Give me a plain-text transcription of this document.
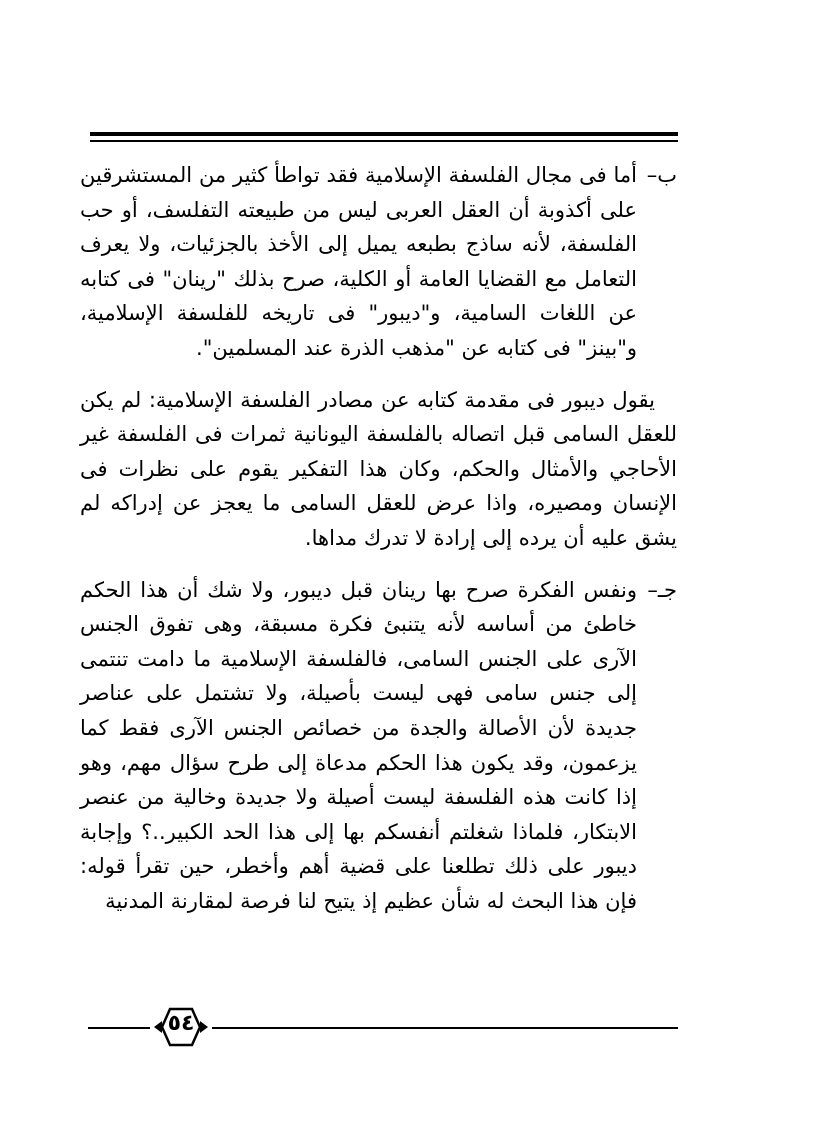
ب–
أما فى مجال الفلسفة الإسلامية فقد تواطأ كثير من المستشرقين على أكذوبة أن العقل العربى ليس من طبيعته التفلسف، أو حب الفلسفة، لأنه ساذج بطبعه يميل إلى الأخذ بالجزئيات، ولا يعرف التعامل مع القضايا العامة أو الكلية، صرح بذلك "رينان" فى كتابه عن اللغات السامية، و"ديبور" فى تاريخه للفلسفة الإسلامية، و"بينز" فى كتابه عن "مذهب الذرة عند المسلمين".

يقول ديبور فى مقدمة كتابه عن مصادر الفلسفة الإسلامية: لم يكن للعقل السامى قبل اتصاله بالفلسفة اليونانية ثمرات فى الفلسفة غير الأحاجي والأمثال والحكم، وكان هذا التفكير يقوم على نظرات فى الإنسان ومصيره، واذا عرض للعقل السامى ما يعجز عن إدراكه لم يشق عليه أن يرده إلى إرادة لا تدرك مداها.

جـ–
ونفس الفكرة صرح بها رينان قبل ديبور، ولا شك أن هذا الحكم خاطئ من أساسه لأنه يتنبئ فكرة مسبقة، وهى تفوق الجنس الآرى على الجنس السامى، فالفلسفة الإسلامية ما دامت تنتمى إلى جنس سامى فهى ليست بأصيلة، ولا تشتمل على عناصر جديدة لأن الأصالة والجدة من خصائص الجنس الآرى فقط كما يزعمون، وقد يكون هذا الحكم مدعاة إلى طرح سؤال مهم، وهو إذا كانت هذه الفلسفة ليست أصيلة ولا جديدة وخالية من عنصر الابتكار، فلماذا شغلتم أنفسكم بها إلى هذا الحد الكبير..؟ وإجابة ديبور على ذلك تطلعنا على قضية أهم وأخطر، حين تقرأ قوله: فإن هذا البحث له شأن عظيم إذ يتيح لنا فرصة لمقارنة المدنية

٥٤
